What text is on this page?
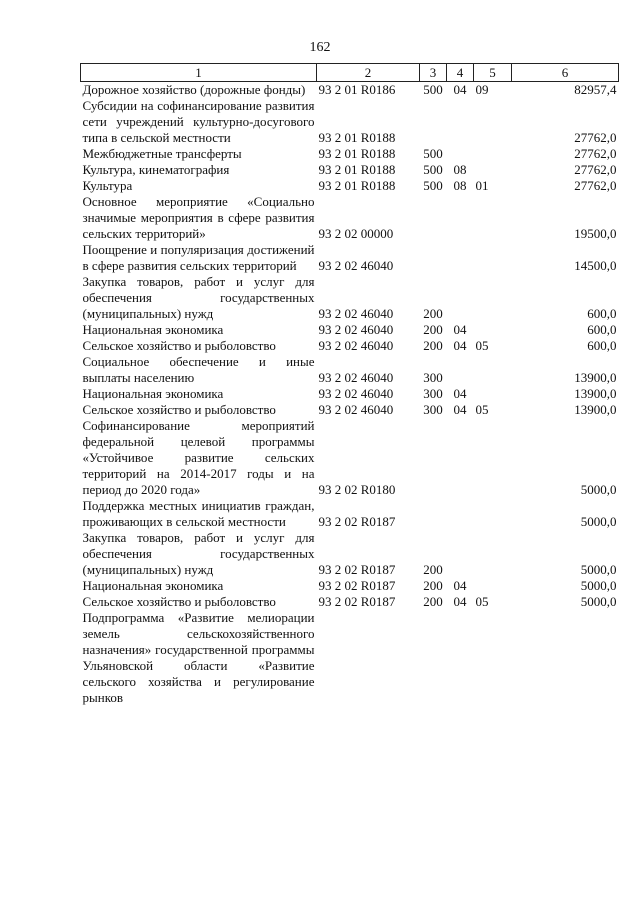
162
1	2	3	4	5	6
Дорожное хозяйство (дорожные фонды)	93 2 01 R0186	500	04	09	82957,4
Субсидии на софинансирование развития сети учреждений культурно-досугового типа в сельской местности	93 2 01 R0188				27762,0
Межбюджетные трансферты	93 2 01 R0188	500			27762,0
Культура, кинематография	93 2 01 R0188	500	08		27762,0
Культура	93 2 01 R0188	500	08	01	27762,0
Основное мероприятие «Социально значимые мероприятия в сфере развития сельских территорий»	93 2 02 00000				19500,0
Поощрение и популяризация достижений в сфере развития сельских территорий	93 2 02 46040				14500,0
Закупка товаров, работ и услуг для обеспечения государственных (муниципальных) нужд	93 2 02 46040	200			600,0
Национальная экономика	93 2 02 46040	200	04		600,0
Сельское хозяйство и рыболовство	93 2 02 46040	200	04	05	600,0
Социальное обеспечение и иные выплаты населению	93 2 02 46040	300			13900,0
Национальная экономика	93 2 02 46040	300	04		13900,0
Сельское хозяйство и рыболовство	93 2 02 46040	300	04	05	13900,0
Софинансирование мероприятий федеральной целевой программы «Устойчивое развитие сельских территорий на 2014-2017 годы и на период до 2020 года»	93 2 02 R0180				5000,0
Поддержка местных инициатив граждан, проживающих в сельской местности	93 2 02 R0187				5000,0
Закупка товаров, работ и услуг для обеспечения государственных (муниципальных) нужд	93 2 02 R0187	200			5000,0
Национальная экономика	93 2 02 R0187	200	04		5000,0
Сельское хозяйство и рыболовство	93 2 02 R0187	200	04	05	5000,0
Подпрограмма «Развитие мелиорации земель сельскохозяйственного назначения» государственной программы Ульяновской области «Развитие сельского хозяйства и регулирование рынков					
